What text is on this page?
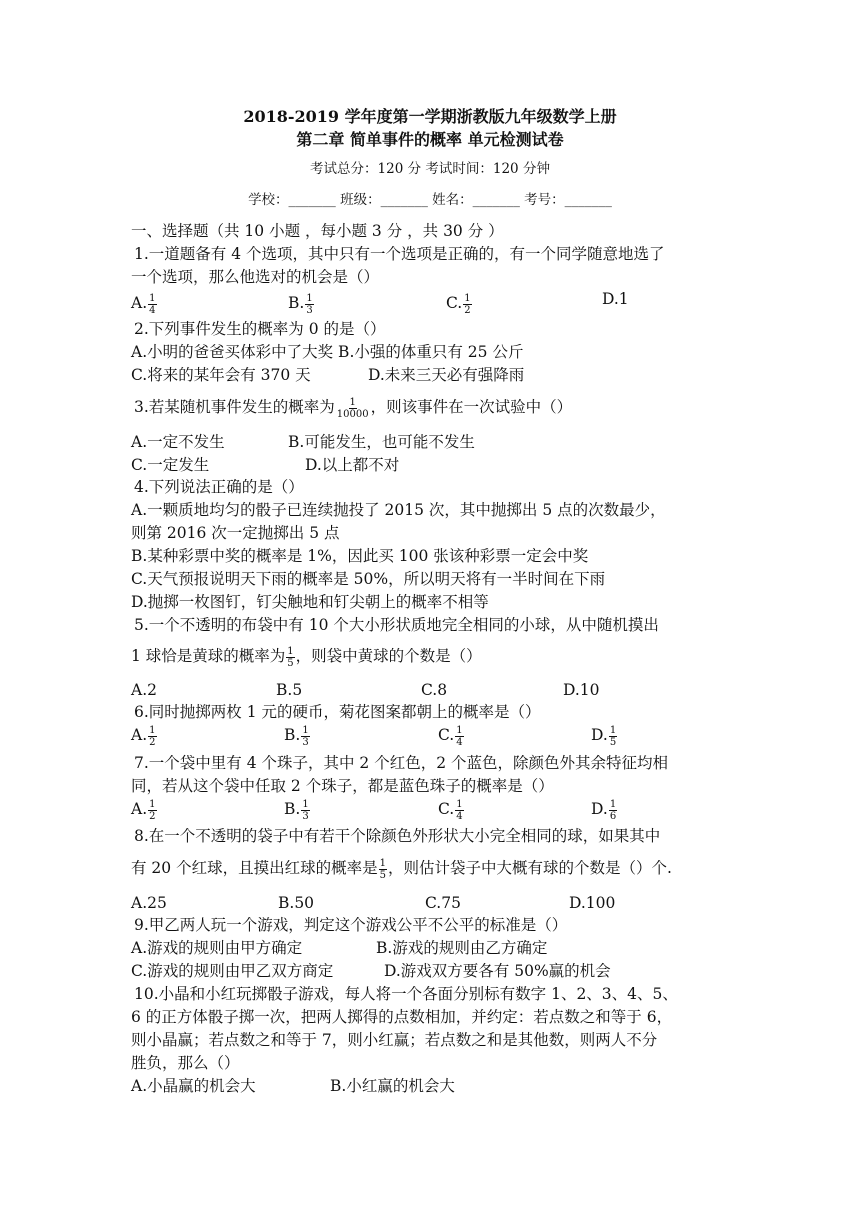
2018-2019 学年度第一学期浙教版九年级数学上册
第二章 简单事件的概率 单元检测试卷
考试总分：120 分 考试时间：120 分钟
学校：_______ 班级：_______ 姓名：_______ 考号：_______
一、选择题（共 10 小题 ，每小题 3 分 ，共 30 分 ）
1.一道题备有 4 个选项，其中只有一个选项是正确的，有一个同学随意地选了
一个选项，那么他选对的机会是（）
A. $\frac{1}{4}$	B. $\frac{1}{3}$	C. $\frac{1}{2}$	D.1
2.下列事件发生的概率为 0 的是（）
A.小明的爸爸买体彩中了大奖 B.小强的体重只有 25 公斤
C.将来的某年会有 370 天	D.未来三天必有强降雨
3.若某随机事件发生的概率为 $\frac{1}{10000}$ ，则该事件在一次试验中（）
A.一定不发生	B.可能发生，也可能不发生
C.一定发生	D.以上都不对
4.下列说法正确的是（）
A.一颗质地均匀的骰子已连续抛投了 2015 次，其中抛掷出 5 点的次数最少，
则第 2016 次一定抛掷出 5 点
B.某种彩票中奖的概率是 1%，因此买 100 张该种彩票一定会中奖
C.天气预报说明天下雨的概率是 50%，所以明天将有一半时间在下雨
D.抛掷一枚图钉，钉尖触地和钉尖朝上的概率不相等
5.一个不透明的布袋中有 10 个大小形状质地完全相同的小球，从中随机摸出
1 球恰是黄球的概率为 $\frac{1}{5}$ ，则袋中黄球的个数是（）
A.2	B.5	C.8	D.10
6.同时抛掷两枚 1 元的硬币，菊花图案都朝上的概率是（）
A. $\frac{1}{2}$	B. $\frac{1}{3}$	C. $\frac{1}{4}$	D. $\frac{1}{5}$
7.一个袋中里有 4 个珠子，其中 2 个红色，2 个蓝色，除颜色外其余特征均相
同，若从这个袋中任取 2 个珠子，都是蓝色珠子的概率是（）
A. $\frac{1}{2}$	B. $\frac{1}{3}$	C. $\frac{1}{4}$	D. $\frac{1}{6}$
8.在一个不透明的袋子中有若干个除颜色外形状大小完全相同的球，如果其中
有 20 个红球，且摸出红球的概率是 $\frac{1}{5}$ ，则估计袋子中大概有球的个数是（）个.
A.25	B.50	C.75	D.100
9.甲乙两人玩一个游戏，判定这个游戏公平不公平的标准是（）
A.游戏的规则由甲方确定	B.游戏的规则由乙方确定
C.游戏的规则由甲乙双方商定	D.游戏双方要各有 50%赢的机会
10.小晶和小红玩掷骰子游戏，每人将一个各面分别标有数字 1、2、3、4、5、
6 的正方体骰子掷一次，把两人掷得的点数相加，并约定：若点数之和等于 6，
则小晶赢；若点数之和等于 7，则小红赢；若点数之和是其他数，则两人不分
胜负，那么（）
A.小晶赢的机会大	B.小红赢的机会大
